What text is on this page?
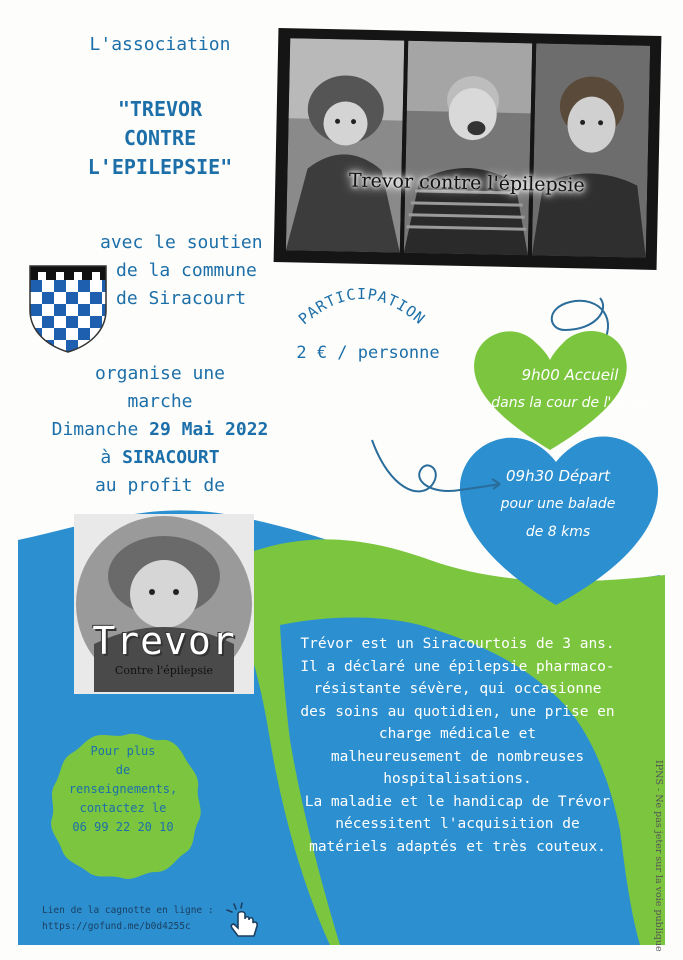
L'association
"TREVOR
CONTRE
L'EPILEPSIE"
avec le soutien
de la commune
de Siracourt
organise une
marche
Dimanche 29 Mai 2022
à SIRACOURT
au profit de
Trevor contre l'épilepsie
PARTICIPATION
2 € / personne
9h00 Accueil
dans la cour de l'école
09h30 Départ
pour une balade
de 8 kms
Trevor
Contre l'épilepsie
Trévor est un Siracourtois de 3 ans.
Il a déclaré une épilepsie pharmaco-
résistante sévère, qui occasionne
des soins au quotidien, une prise en
charge médicale et
malheureusement de nombreuses
hospitalisations.
La maladie et le handicap de Trévor
nécessitent l'acquisition de
matériels adaptés et très couteux.
Pour plus
de
renseignements,
contactez le
06 99 22 20 10
Lien de la cagnotte en ligne :
https://gofund.me/b0d4255c	IPNS - Ne pas jeter sur la voie publique
